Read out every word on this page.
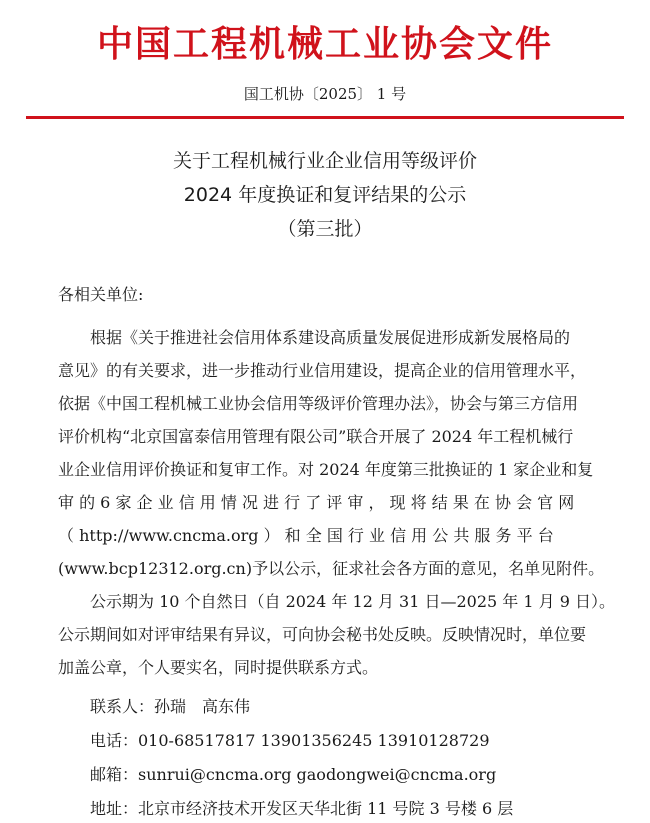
中国工程机械工业协会文件
国工机协〔2025〕 1 号
关于工程机械行业企业信用等级评价
2024 年度换证和复评结果的公示
（第三批）
各相关单位:
根据《关于推进社会信用体系建设高质量发展促进形成新发展格局的
意见》的有关要求，进一步推动行业信用建设，提高企业的信用管理水平，
依据《中国工程机械工业协会信用等级评价管理办法》，协会与第三方信用
评价机构“北京国富泰信用管理有限公司”联合开展了 2024 年工程机械行
业企业信用评价换证和复审工作。对 2024 年度第三批换证的 1 家企业和复
审 的 6 家 企 业 信 用 情 况 进 行 了 评 审 ， 现 将 结 果 在 协 会 官 网
（ http://www.cncma.org ） 和 全 国 行 业 信 用 公 共 服 务 平 台
(www.bcp12312.org.cn)予以公示，征求社会各方面的意见，名单见附件。
公示期为 10 个自然日（自 2024 年 12 月 31 日—2025 年 1 月 9 日）。
公示期间如对评审结果有异议，可向协会秘书处反映。反映情况时，单位要
加盖公章，个人要实名，同时提供联系方式。
联系人：孙瑞 高东伟
电话：010-68517817 13901356245 13910128729
邮箱：sunrui@cncma.org gaodongwei@cncma.org
地址：北京市经济技术开发区天华北街 11 号院 3 号楼 6 层
